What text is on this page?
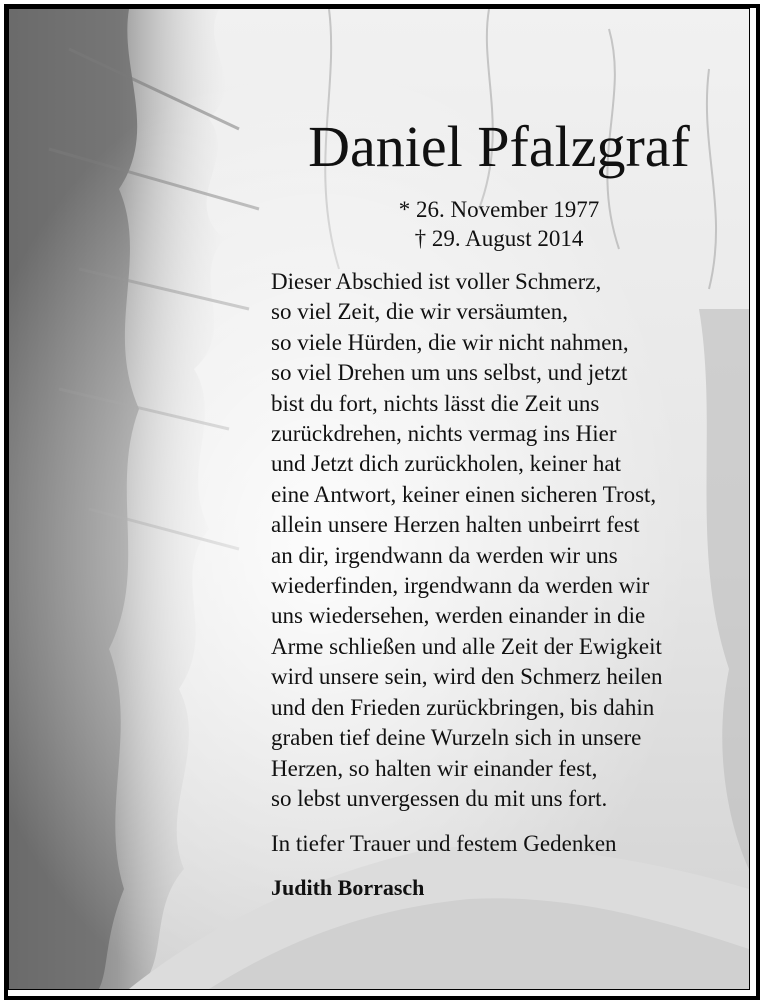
Daniel Pfalzgraf
* 26. November 1977
† 29. August 2014
Dieser Abschied ist voller Schmerz,
so viel Zeit, die wir versäumten,
so viele Hürden, die wir nicht nahmen,
so viel Drehen um uns selbst, und jetzt
bist du fort, nichts lässt die Zeit uns
zurückdrehen, nichts vermag ins Hier
und Jetzt dich zurückholen, keiner hat
eine Antwort, keiner einen sicheren Trost,
allein unsere Herzen halten unbeirrt fest
an dir, irgendwann da werden wir uns
wiederfinden, irgendwann da werden wir
uns wiedersehen, werden einander in die
Arme schließen und alle Zeit der Ewigkeit
wird unsere sein, wird den Schmerz heilen
und den Frieden zurückbringen, bis dahin
graben tief deine Wurzeln sich in unsere
Herzen, so halten wir einander fest,
so lebst unvergessen du mit uns fort.
In tiefer Trauer und festem Gedenken
Judith Borrasch
